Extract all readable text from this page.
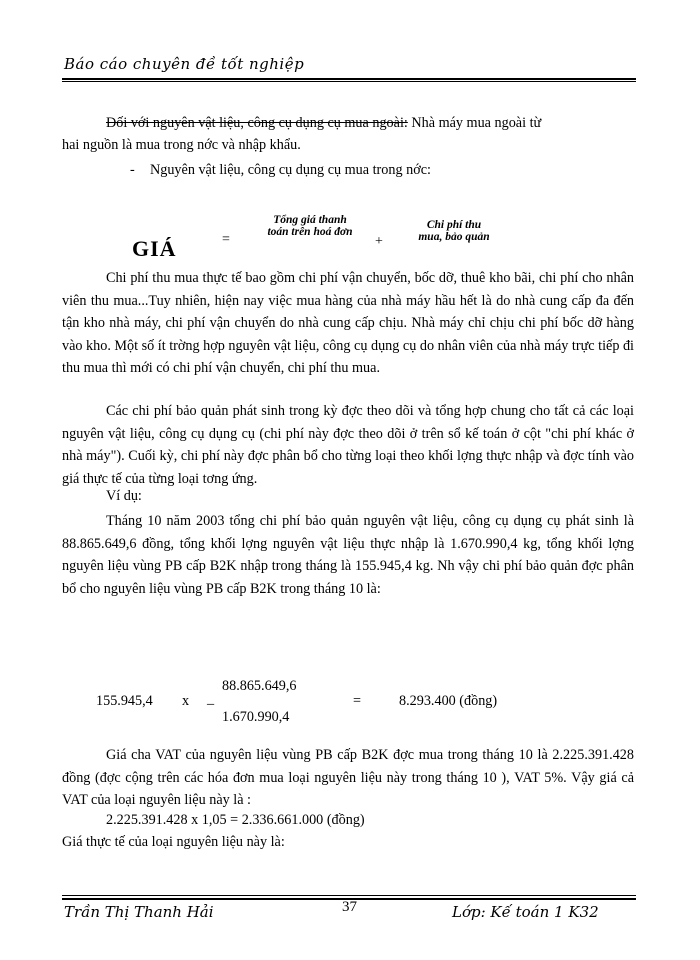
Báo cáo chuyên đề tốt nghiệp

Đối với nguyên vật liệu, công cụ dụng cụ mua ngoài: Nhà máy mua ngoài từ

hai nguồn là mua trong nớc và nhập khẩu.

- Nguyên vật liệu, công cụ dụng cụ mua trong nớc:
GIÁ	=
Tổng giá thanh toán trên hoá đơn
+
Chi phí thu mua, bảo quản

Chi phí thu mua thực tế bao gồm chi phí vận chuyển, bốc dỡ, thuê kho bãi, chi phí cho nhân viên thu mua...Tuy nhiên, hiện nay việc mua hàng của nhà máy hầu hết là do nhà cung cấp đa đến tận kho nhà máy, chi phí vận chuyển do nhà cung cấp chịu. Nhà máy chỉ chịu chi phí bốc dỡ hàng vào kho. Một số ít trờng hợp nguyên vật liệu, công cụ dụng cụ do nhân viên của nhà máy trực tiếp đi thu mua thì mới có chi phí vận chuyển, chi phí thu mua.

Các chi phí bảo quản phát sinh trong kỳ đợc theo dõi và tổng hợp chung cho tất cả các loại nguyên vật liệu, công cụ dụng cụ (chi phí này đợc theo dõi ở trên sổ kế toán ở cột "chi phí khác ở nhà máy"). Cuối kỳ, chi phí này đợc phân bổ cho từng loại theo khối lợng thực nhập và đợc tính vào giá thực tế của từng loại tơng ứng.

Ví dụ:

Tháng 10 năm 2003 tổng chi phí bảo quản nguyên vật liệu, công cụ dụng cụ phát sinh là 88.865.649,6 đồng, tổng khối lợng nguyên vật liệu thực nhập là 1.670.990,4 kg, tổng khối lợng nguyên liệu vùng PB cấp B2K nhập trong tháng là 155.945,4 kg. Nh vậy chi phí bảo quản đợc phân bổ cho nguyên liệu vùng PB cấp B2K trong tháng 10 là:

155.945,4 x
88.865.649,6
–
1.670.990,4
=	8.293.400 (đồng)

Giá cha VAT của nguyên liệu vùng PB cấp B2K đợc mua trong tháng 10 là 2.225.391.428 đồng (đợc cộng trên các hóa đơn mua loại nguyên liệu này trong tháng 10 ), VAT 5%. Vậy giá cả VAT của loại nguyên liệu này là :

2.225.391.428 x 1,05 = 2.336.661.000 (đồng)
Giá thực tế của loại nguyên liệu này là:
Trần Thị Thanh Hải	37	Lớp: Kế toán 1 K32
